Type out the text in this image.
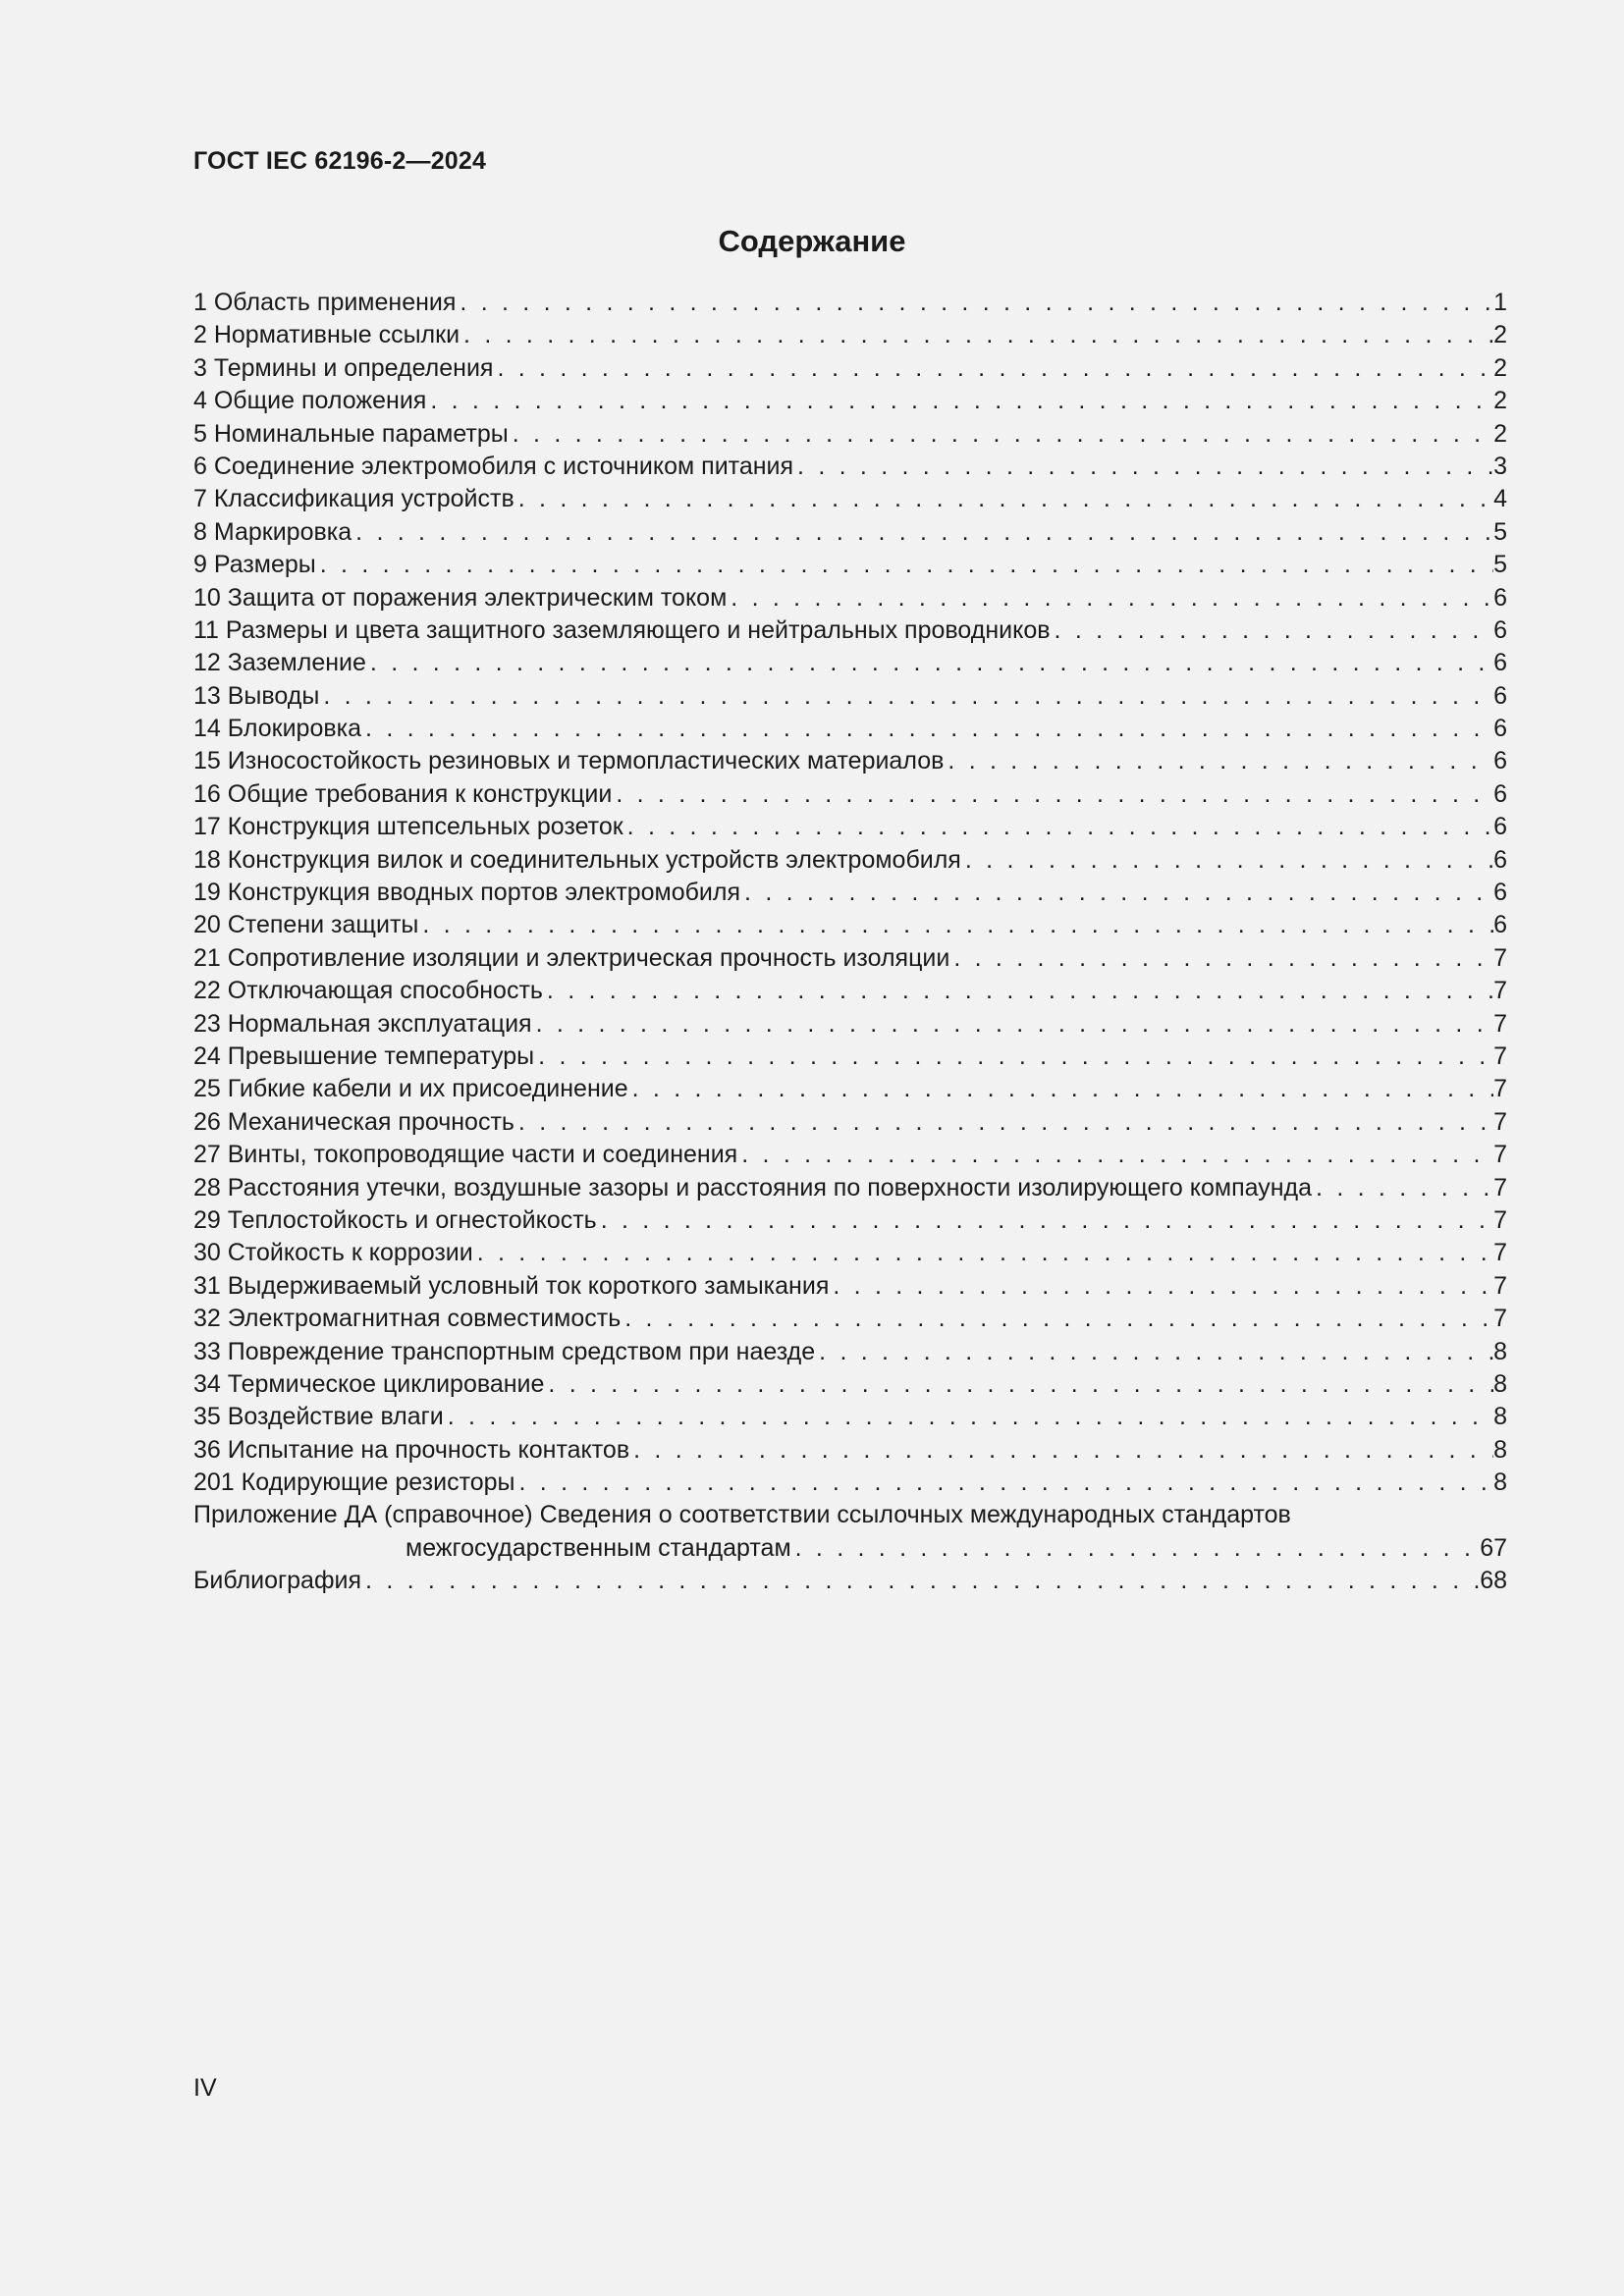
ГОСТ IEC 62196-2—2024
Содержание
1 Область применения . . .	1
2 Нормативные ссылки . . .	2
3 Термины и определения . . .	2
4 Общие положения . . .	2
5 Номинальные параметры . . .	2
6 Соединение электромобиля с источником питания . . .	3
7 Классификация устройств . . .	4
8 Маркировка . . .	5
9 Размеры . . .	5
10 Защита от поражения электрическим током . . .	6
11 Размеры и цвета защитного заземляющего и нейтральных проводников . . .	6
12 Заземление . . .	6
13 Выводы . . .	6
14 Блокировка . . .	6
15 Износостойкость резиновых и термопластических материалов . . .	6
16 Общие требования к конструкции . . .	6
17 Конструкция штепсельных розеток . . .	6
18 Конструкция вилок и соединительных устройств электромобиля . . .	6
19 Конструкция вводных портов электромобиля . . .	6
20 Степени защиты . . .	6
21 Сопротивление изоляции и электрическая прочность изоляции . . .	7
22 Отключающая способность . . .	7
23 Нормальная эксплуатация . . .	7
24 Превышение температуры . . .	7
25 Гибкие кабели и их присоединение . . .	7
26 Механическая прочность . . .	7
27 Винты, токопроводящие части и соединения . . .	7
28 Расстояния утечки, воздушные зазоры и расстояния по поверхности изолирующего компаунда . . .	7
29 Теплостойкость и огнестойкость . . .	7
30 Стойкость к коррозии . . .	7
31 Выдерживаемый условный ток короткого замыкания . . .	7
32 Электромагнитная совместимость . . .	7
33 Повреждение транспортным средством при наезде . . .	8
34 Термическое циклирование . . .	8
35 Воздействие влаги . . .	8
36 Испытание на прочность контактов . . .	8
201 Кодирующие резисторы . . .	8
Приложение ДА (справочное) Сведения о соответствии ссылочных международных стандартов
межгосударственным стандартам . . .	67
Библиография . . .	68
IV
